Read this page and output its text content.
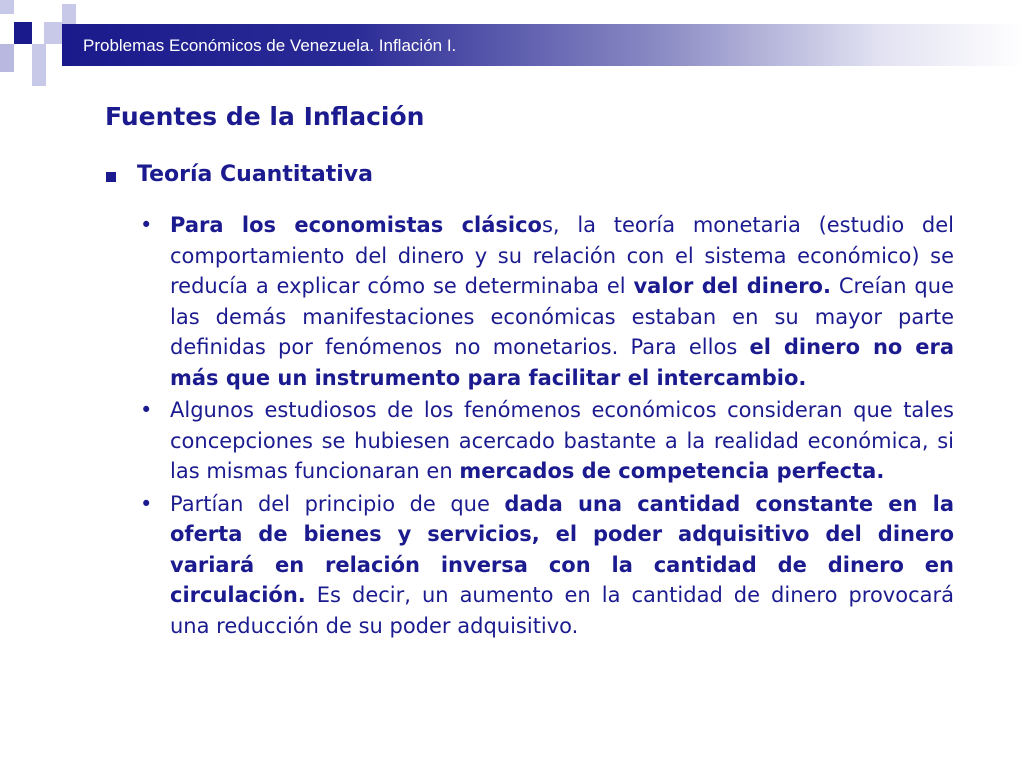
Problemas Económicos de Venezuela. Inflación I.
Fuentes de la Inflación
Teoría Cuantitativa
• Para los economistas clásicos, la teoría monetaria (estudio del comportamiento del dinero y su relación con el sistema económico) se reducía a explicar cómo se determinaba el valor del dinero. Creían que las demás manifestaciones económicas estaban en su mayor parte definidas por fenómenos no monetarios. Para ellos el dinero no era más que un instrumento para facilitar el intercambio.
• Algunos estudiosos de los fenómenos económicos consideran que tales concepciones se hubiesen acercado bastante a la realidad económica, si las mismas funcionaran en mercados de competencia perfecta.
• Partían del principio de que dada una cantidad constante en la oferta de bienes y servicios, el poder adquisitivo del dinero variará en relación inversa con la cantidad de dinero en circulación. Es decir, un aumento en la cantidad de dinero provocará una reducción de su poder adquisitivo.
